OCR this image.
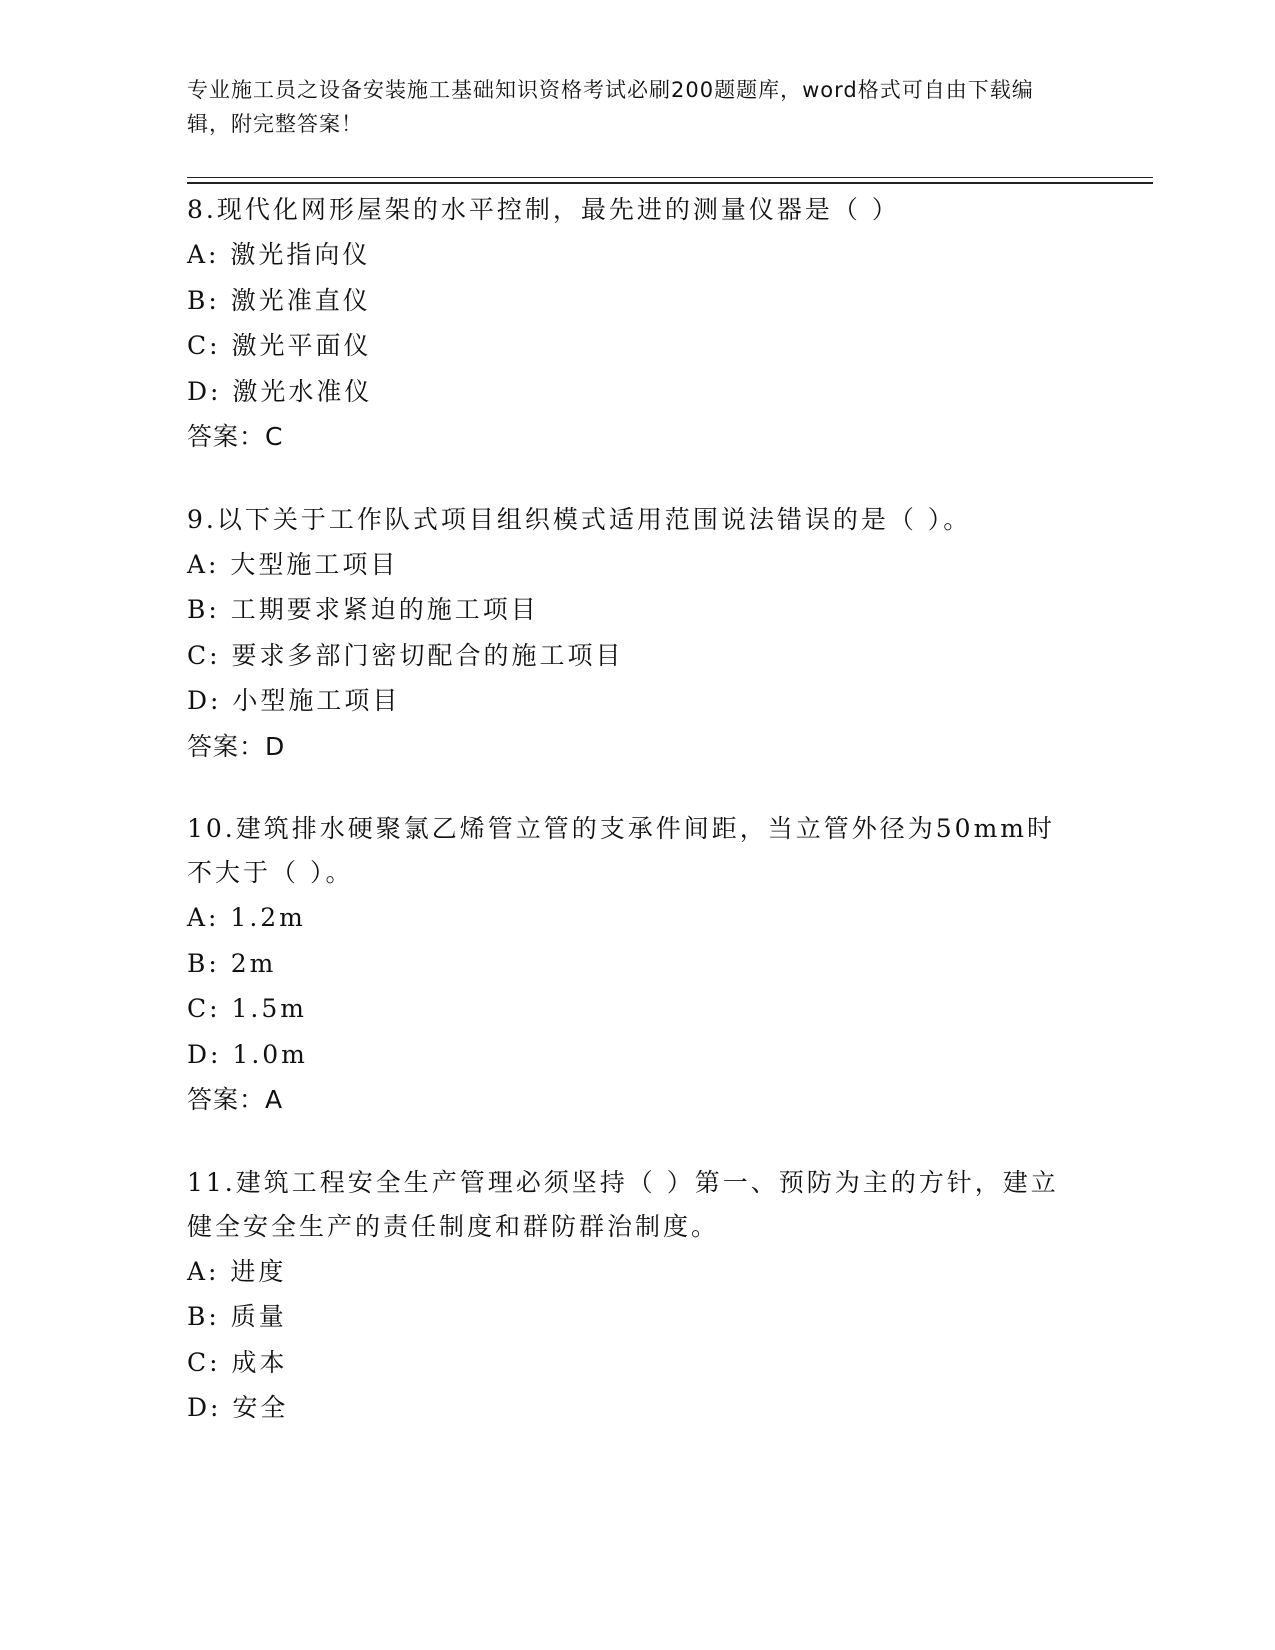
专业施工员之设备安装施工基础知识资格考试必刷200题题库，word格式可自由下载编辑，附完整答案！
8.现代化网形屋架的水平控制，最先进的测量仪器是（ ）
A: 激光指向仪
B: 激光准直仪
C: 激光平面仪
D: 激光水准仪
答案：C
9.以下关于工作队式项目组织模式适用范围说法错误的是（ ）。
A: 大型施工项目
B: 工期要求紧迫的施工项目
C: 要求多部门密切配合的施工项目
D: 小型施工项目
答案：D
10.建筑排水硬聚氯乙烯管立管的支承件间距，当立管外径为50mm时不大于（ ）。
A: 1.2m
B: 2m
C: 1.5m
D: 1.0m
答案：A
11.建筑工程安全生产管理必须坚持（ ）第一、预防为主的方针，建立健全安全生产的责任制度和群防群治制度。
A: 进度
B: 质量
C: 成本
D: 安全
